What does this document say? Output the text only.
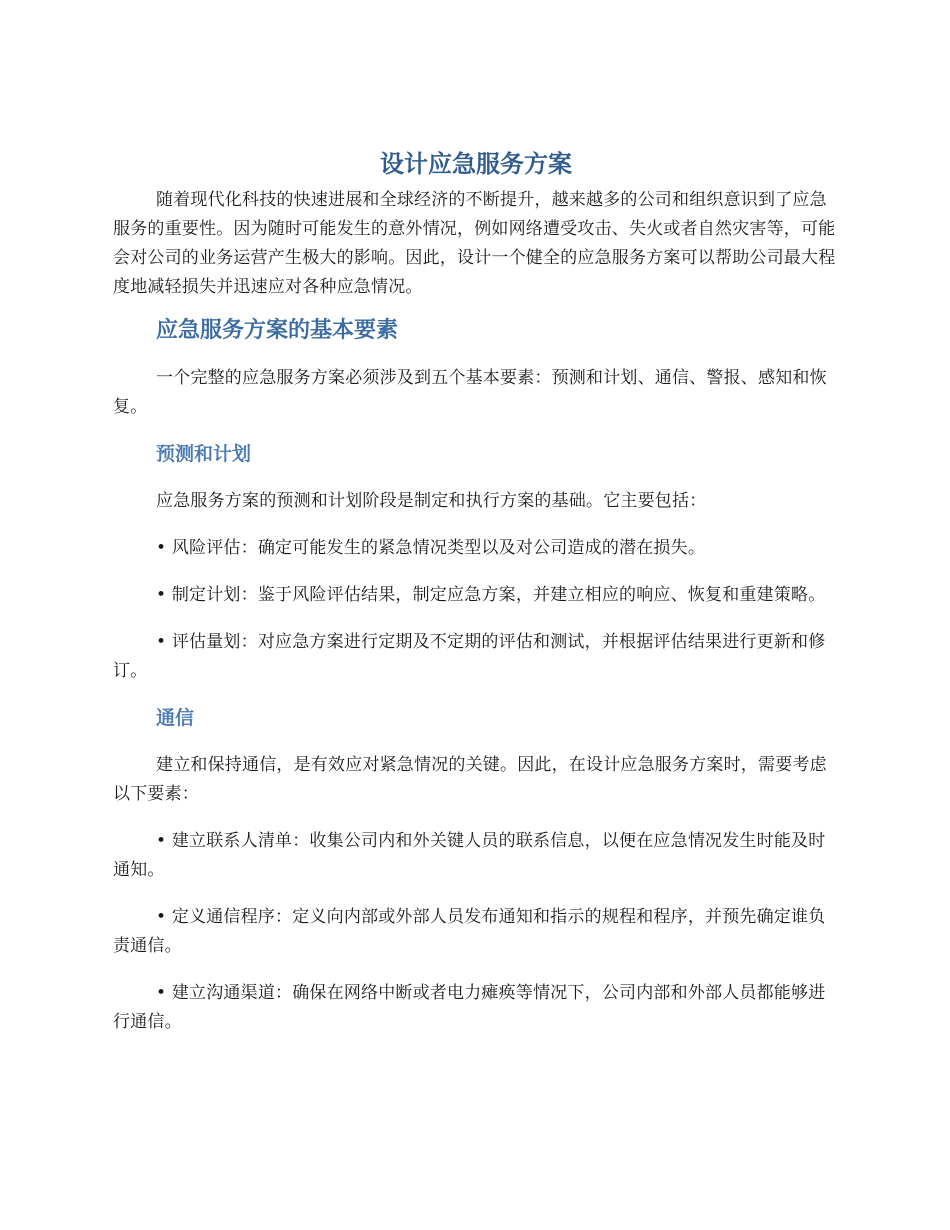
设计应急服务方案

随着现代化科技的快速进展和全球经济的不断提升，越来越多的公司和组织意识到了应急服务的重要性。因为随时可能发生的意外情况，例如网络遭受攻击、失火或者自然灾害等，可能会对公司的业务运营产生极大的影响。因此，设计一个健全的应急服务方案可以帮助公司最大程度地减轻损失并迅速应对各种应急情况。

应急服务方案的基本要素

一个完整的应急服务方案必须涉及到五个基本要素：预测和计划、通信、警报、感知和恢复。

预测和计划

应急服务方案的预测和计划阶段是制定和执行方案的基础。它主要包括：

• 风险评估：确定可能发生的紧急情况类型以及对公司造成的潜在损失。

• 制定计划：鉴于风险评估结果，制定应急方案，并建立相应的响应、恢复和重建策略。

• 评估量划：对应急方案进行定期及不定期的评估和测试，并根据评估结果进行更新和修订。

通信

建立和保持通信，是有效应对紧急情况的关键。因此，在设计应急服务方案时，需要考虑以下要素：

• 建立联系人清单：收集公司内和外关键人员的联系信息，以便在应急情况发生时能及时通知。

• 定义通信程序：定义向内部或外部人员发布通知和指示的规程和程序，并预先确定谁负责通信。

• 建立沟通渠道：确保在网络中断或者电力瘫痪等情况下，公司内部和外部人员都能够进行通信。
